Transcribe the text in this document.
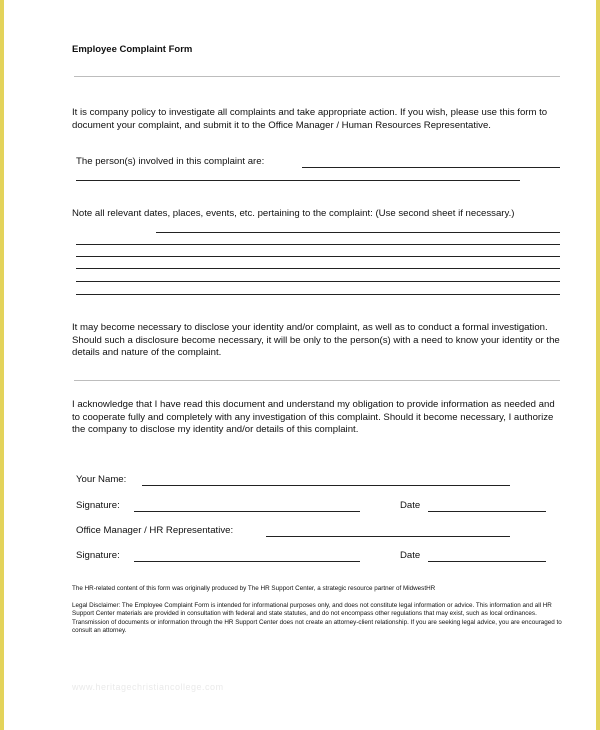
Employee Complaint Form
It is company policy to investigate all complaints and take appropriate action. If you wish, please use this form to document your complaint, and submit it to the Office Manager / Human Resources Representative.
The person(s) involved in this complaint are:
Note all relevant dates, places, events, etc. pertaining to the complaint: (Use second sheet if necessary.)
It may become necessary to disclose your identity and/or complaint, as well as to conduct a formal investigation. Should such a disclosure become necessary, it will be only to the person(s) with a need to know your identity or the details and nature of the complaint.
I acknowledge that I have read this document and understand my obligation to provide information as needed and to cooperate fully and completely with any investigation of this complaint. Should it become necessary, I authorize the company to disclose my identity and/or details of this complaint.
Your Name:
Signature:	Date
Office Manager / HR Representative:
Signature:	Date
The HR-related content of this form was originally produced by The HR Support Center, a strategic resource partner of MidwestHR
Legal Disclaimer: The Employee Complaint Form is intended for informational purposes only, and does not constitute legal information or advice. This information and all HR Support Center materials are provided in consultation with federal and state statutes, and do not encompass other regulations that may exist, such as local ordinances. Transmission of documents or information through the HR Support Center does not create an attorney-client relationship. If you are seeking legal advice, you are encouraged to consult an attorney.
www.heritagechristiancollege.com
